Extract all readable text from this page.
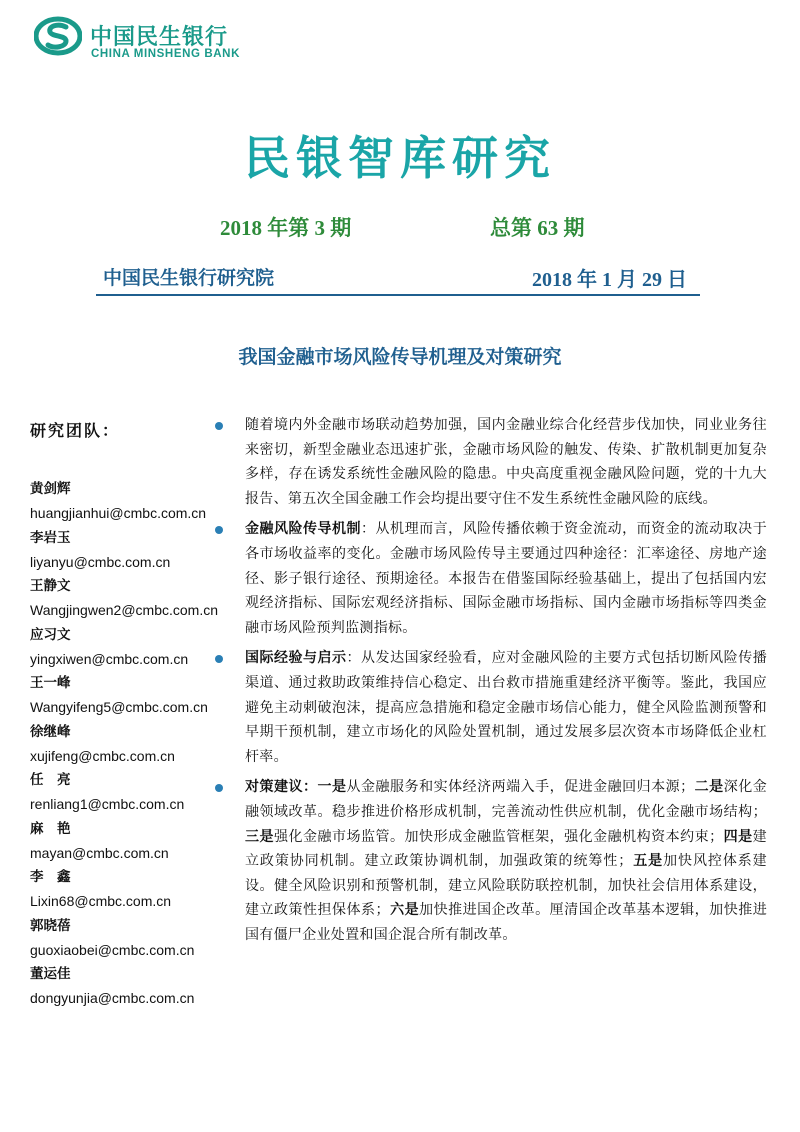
中国民生银行
CHINA MINSHENG BANK
民银智库研究
2018 年第 3 期	总第 63 期
中国民生银行研究院	2018 年 1 月 29 日
我国金融市场风险传导机理及对策研究
研究团队：
黄剑辉
huangjianhui@cmbc.com.cn
李岩玉
liyanyu@cmbc.com.cn
王静文
Wangjingwen2@cmbc.com.cn
应习文
yingxiwen@cmbc.com.cn
王一峰
Wangyifeng5@cmbc.com.cn
徐继峰
xujifeng@cmbc.com.cn
任　亮
renliang1@cmbc.com.cn
麻　艳
mayan@cmbc.com.cn
李　鑫
Lixin68@cmbc.com.cn
郭晓蓓
guoxiaobei@cmbc.com.cn
董运佳
dongyunjia@cmbc.com.cn
随着境内外金融市场联动趋势加强，国内金融业综合化经营步伐加快，同业业务往来密切，新型金融业态迅速扩张，金融市场风险的触发、传染、扩散机制更加复杂多样，存在诱发系统性金融风险的隐患。中央高度重视金融风险问题，党的十九大报告、第五次全国金融工作会均提出要守住不发生系统性金融风险的底线。
金融风险传导机制：从机理而言，风险传播依赖于资金流动，而资金的流动取决于各市场收益率的变化。金融市场风险传导主要通过四种途径：汇率途径、房地产途径、影子银行途径、预期途径。本报告在借鉴国际经验基础上，提出了包括国内宏观经济指标、国际宏观经济指标、国际金融市场指标、国内金融市场指标等四类金融市场风险预判监测指标。
国际经验与启示：从发达国家经验看，应对金融风险的主要方式包括切断风险传播渠道、通过救助政策维持信心稳定、出台救市措施重建经济平衡等。鉴此，我国应避免主动刺破泡沫，提高应急措施和稳定金融市场信心能力，健全风险监测预警和早期干预机制，建立市场化的风险处置机制，通过发展多层次资本市场降低企业杠杆率。
对策建议：一是从金融服务和实体经济两端入手，促进金融回归本源；二是深化金融领域改革。稳步推进价格形成机制，完善流动性供应机制，优化金融市场结构；三是强化金融市场监管。加快形成金融监管框架，强化金融机构资本约束；四是建立政策协同机制。建立政策协调机制，加强政策的统筹性；五是加快风控体系建设。健全风险识别和预警机制，建立风险联防联控机制，加快社会信用体系建设，建立政策性担保体系；六是加快推进国企改革。厘清国企改革基本逻辑，加快推进国有僵尸企业处置和国企混合所有制改革。
